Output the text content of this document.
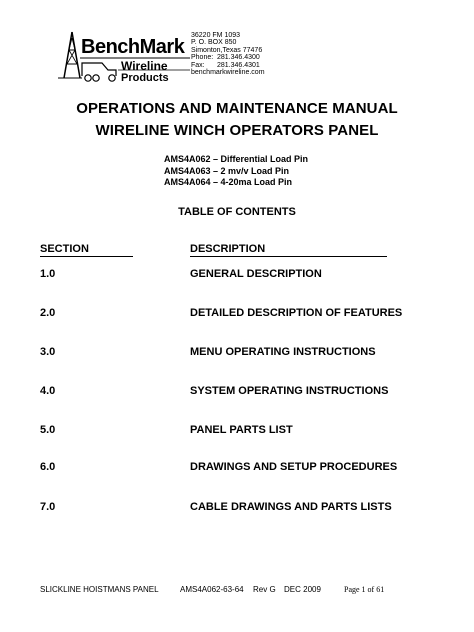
BenchMark
Wireline
Products
36220 FM 1093
P. O. BOX 850
Simonton,Texas 77476
Phone: 281.346.4300
Fax: 281.346.4301
benchmarkwireline.com
OPERATIONS AND MAINTENANCE MANUAL
WIRELINE WINCH OPERATORS PANEL
AMS4A062 – Differential Load Pin
AMS4A063 – 2 mv/v Load Pin
AMS4A064 – 4-20ma Load Pin
TABLE OF CONTENTS
SECTION	DESCRIPTION
1.0	GENERAL DESCRIPTION
2.0	DETAILED DESCRIPTION OF FEATURES
3.0	MENU OPERATING INSTRUCTIONS
4.0	SYSTEM OPERATING INSTRUCTIONS
5.0	PANEL PARTS LIST
6.0	DRAWINGS AND SETUP PROCEDURES
7.0	CABLE DRAWINGS AND PARTS LISTS
SLICKLINE HOISTMANS PANEL	AMS4A062-63-64 Rev G DEC 2009	Page 1 of 61
